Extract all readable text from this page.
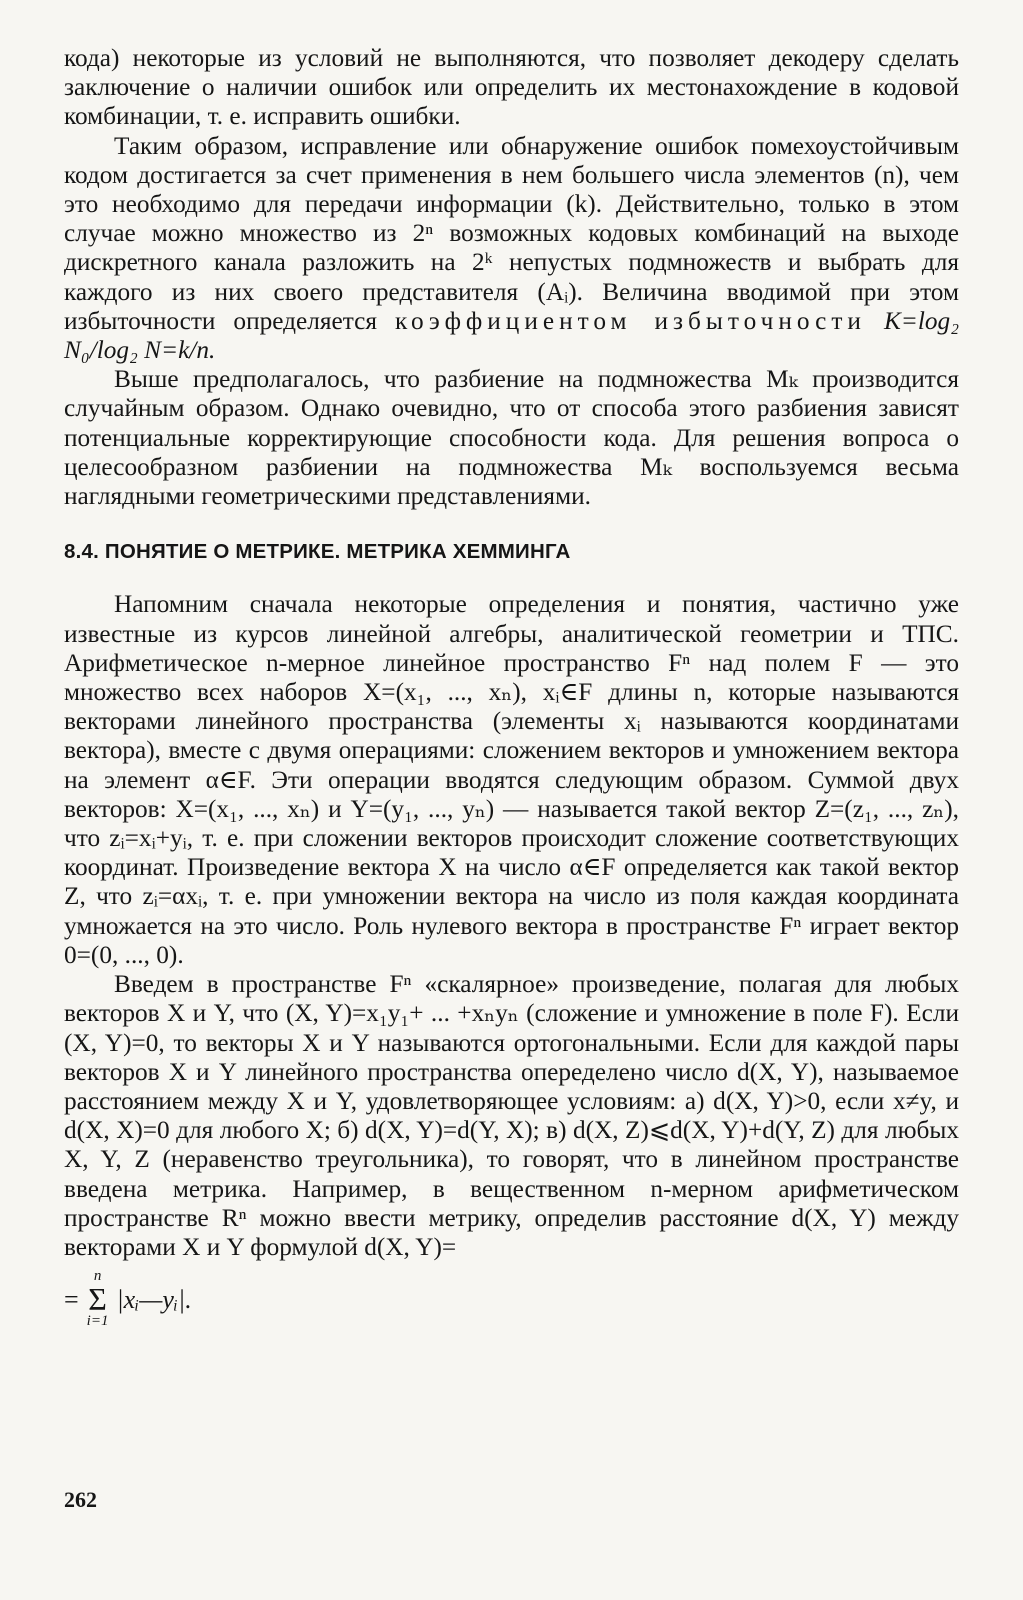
кода) некоторые из условий не выполняются, что позволяет декодеру сделать заключение о наличии ошибок или определить их местонахождение в кодовой комбинации, т. е. исправить ошибки.

Таким образом, исправление или обнаружение ошибок помехоустойчивым кодом достигается за счет применения в нем большего числа элементов (n), чем это необходимо для передачи информации (k). Действительно, только в этом случае можно множество из 2ⁿ возможных кодовых комбинаций на выходе дискретного канала разложить на 2ᵏ непустых подмножеств и выбрать для каждого из них своего представителя (Aᵢ). Величина вводимой при этом избыточности определяется коэффициентом избыточности K=log₂ N₀/log₂ N=k/n.

Выше предполагалось, что разбиение на подмножества Mₖ производится случайным образом. Однако очевидно, что от способа этого разбиения зависят потенциальные корректирующие способности кода. Для решения вопроса о целесообразном разбиении на подмножества Mₖ воспользуемся весьма наглядными геометрическими представлениями.

8.4. ПОНЯТИЕ О МЕТРИКЕ. МЕТРИКА ХЕММИНГА

Напомним сначала некоторые определения и понятия, частично уже известные из курсов линейной алгебры, аналитической геометрии и ТПС. Арифметическое n-мерное линейное пространство Fⁿ над полем F — это множество всех наборов X=(x₁, ..., xₙ), xᵢ∈F длины n, которые называются векторами линейного пространства (элементы xᵢ называются координатами вектора), вместе с двумя операциями: сложением векторов и умножением вектора на элемент α∈F. Эти операции вводятся следующим образом. Суммой двух векторов: X=(x₁, ..., xₙ) и Y=(y₁, ..., yₙ) — называется такой вектор Z=(z₁, ..., zₙ), что zᵢ=xᵢ+yᵢ, т. е. при сложении векторов происходит сложение соответствующих координат. Произведение вектора X на число α∈F определяется как такой вектор Z, что zᵢ=αxᵢ, т. е. при умножении вектора на число из поля каждая координата умножается на это число. Роль нулевого вектора в пространстве Fⁿ играет вектор 0=(0, ..., 0).

Введем в пространстве Fⁿ «скалярное» произведение, полагая для любых векторов X и Y, что (X, Y)=x₁y₁+ ... +xₙyₙ (сложение и умножение в поле F). Если (X, Y)=0, то векторы X и Y называются ортогональными. Если для каждой пары векторов X и Y линейного пространства опеределено число d(X, Y), называемое расстоянием между X и Y, удовлетворяющее условиям: а) d(X, Y)>0, если x≠y, и d(X, X)=0 для любого X; б) d(X, Y)=d(Y, X); в) d(X, Z)⩽d(X, Y)+d(Y, Z) для любых X, Y, Z (неравенство треугольника), то говорят, что в линейном пространстве введена метрика. Например, в вещественном n-мерном арифметическом пространстве Rⁿ можно ввести метрику, определив расстояние d(X, Y) между векторами X и Y формулой d(X, Y)=

=
n
Σ
i=1
|xᵢ—yᵢ|.
262
